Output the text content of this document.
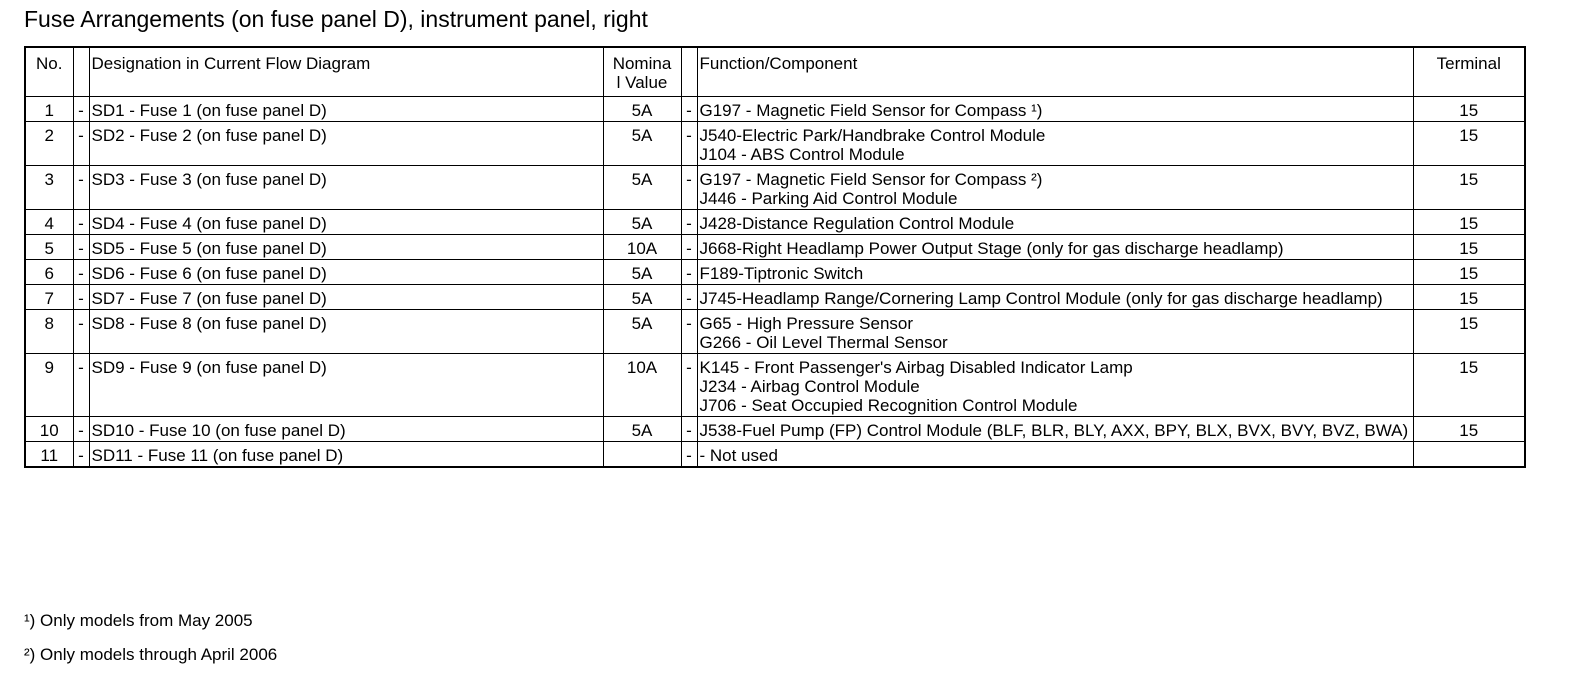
Fuse Arrangements (on fuse panel D), instrument panel, right
No.		Designation in Current Flow Diagram	Nomina
l Value		Function/Component	Terminal
1	-	SD1 - Fuse 1 (on fuse panel D)	5A	-	G197 - Magnetic Field Sensor for Compass ¹)	15
2	-	SD2 - Fuse 2 (on fuse panel D)	5A	-	J540-Electric Park/Handbrake Control Module
J104 - ABS Control Module	15
3	-	SD3 - Fuse 3 (on fuse panel D)	5A	-	G197 - Magnetic Field Sensor for Compass ²)
J446 - Parking Aid Control Module	15
4	-	SD4 - Fuse 4 (on fuse panel D)	5A	-	J428-Distance Regulation Control Module	15
5	-	SD5 - Fuse 5 (on fuse panel D)	10A	-	J668-Right Headlamp Power Output Stage (only for gas discharge headlamp)	15
6	-	SD6 - Fuse 6 (on fuse panel D)	5A	-	F189-Tiptronic Switch	15
7	-	SD7 - Fuse 7 (on fuse panel D)	5A	-	J745-Headlamp Range/Cornering Lamp Control Module (only for gas discharge headlamp)	15
8	-	SD8 - Fuse 8 (on fuse panel D)	5A	-	G65 - High Pressure Sensor
G266 - Oil Level Thermal Sensor	15
9	-	SD9 - Fuse 9 (on fuse panel D)	10A	-	K145 - Front Passenger's Airbag Disabled Indicator Lamp
J234 - Airbag Control Module
J706 - Seat Occupied Recognition Control Module	15
10	-	SD10 - Fuse 10 (on fuse panel D)	5A	-	J538-Fuel Pump (FP) Control Module (BLF, BLR, BLY, AXX, BPY, BLX, BVX, BVY, BVZ, BWA)	15
11	-	SD11 - Fuse 11 (on fuse panel D)		-	- Not used	

¹) Only models from May 2005
²) Only models through April 2006
